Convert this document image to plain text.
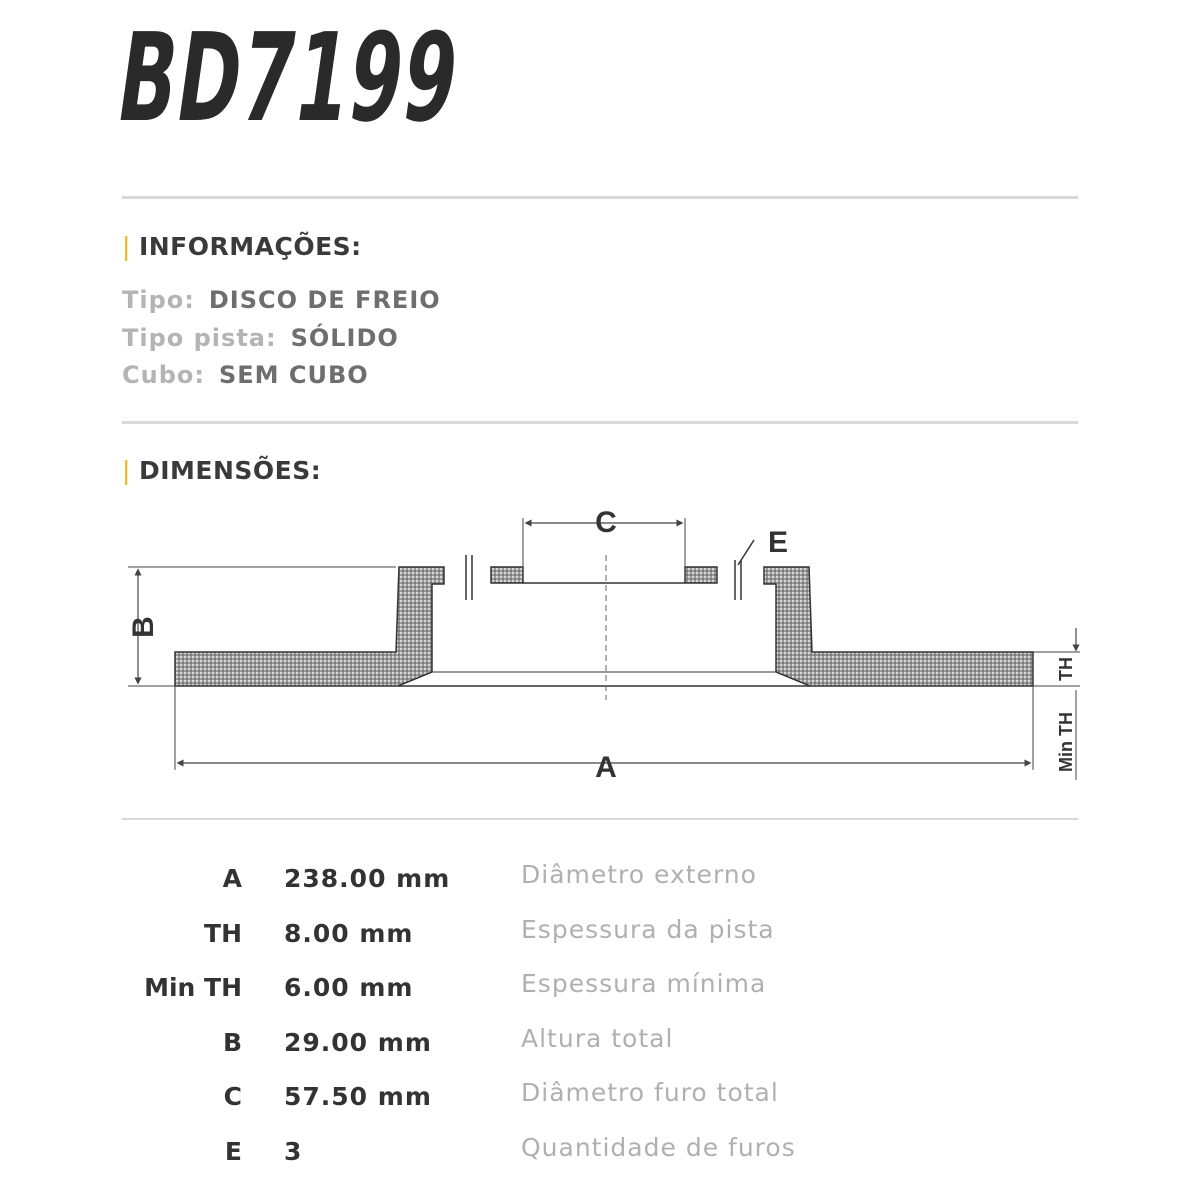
BD7199
| INFORMAÇÕES:
Tipo: DISCO DE FREIO
Tipo pista: SÓLIDO
Cubo: SEM CUBO
| DIMENSÕES:
C
E
A
B
TH
Min TH
A 238.00 mm	Diâmetro externo
TH 8.00 mm	Espessura da pista
Min TH 6.00 mm	Espessura mínima
B 29.00 mm	Altura total
C 57.50 mm	Diâmetro furo total
E 3	Quantidade de furos
